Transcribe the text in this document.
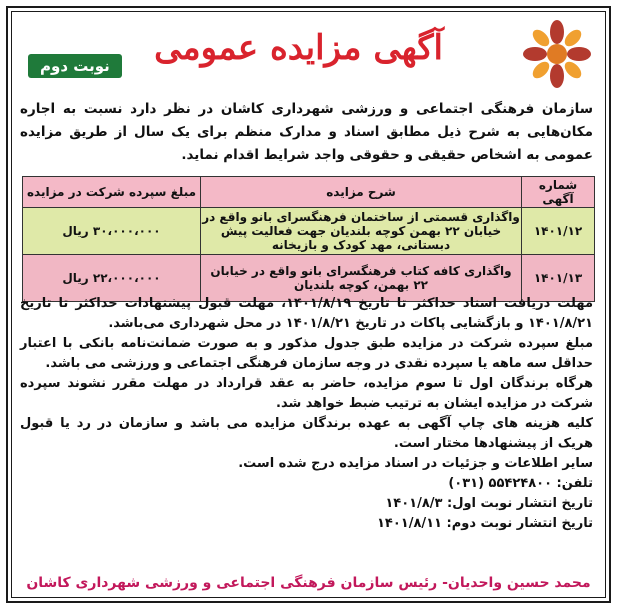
آگهی مزایده عمومی
نوبت دوم
سازمان فرهنگی اجتماعی و ورزشی شهرداری کاشان در نظر دارد نسبت به اجاره مکان‌هایی به شرح ذیل مطابق اسناد و مدارک منظم برای یک سال از طریق مزایده عمومی به اشخاص حقیقی و حقوقی واجد شرایط اقدام نماید.
شماره آگهی	شرح مزایده	مبلغ سپرده شرکت در مزایده
۱۴۰۱/۱۲	واگذاری قسمتی از ساختمان فرهنگسرای بانو واقع در خیابان ۲۲ بهمن کوچه بلندیان جهت فعالیت پیش دبستانی، مهد کودک و بازیخانه	۳۰،۰۰۰،۰۰۰ ریال
۱۴۰۱/۱۳	واگذاری کافه کتاب فرهنگسرای بانو واقع در خیابان ۲۲ بهمن، کوچه بلندیان	۲۲،۰۰۰،۰۰۰ ریال

مهلت دریافت اسناد حداکثر تا تاریخ ۱۴۰۱/۸/۱۹، مهلت قبول پیشنهادات حداکثر تا تاریخ ۱۴۰۱/۸/۲۱ و بازگشایی پاکات در تاریخ ۱۴۰۱/۸/۲۱ در محل شهرداری می‌باشد.

مبلغ سپرده شرکت در مزایده طبق جدول مذکور و به صورت ضمانت‌نامه بانکی با اعتبار حداقل سه ماهه یا سپرده نقدی در وجه سازمان فرهنگی اجتماعی و ورزشی می باشد.

هرگاه برندگان اول تا سوم مزایده، حاضر به عقد قرارداد در مهلت مقرر نشوند سپرده شرکت در مزایده ایشان به ترتیب ضبط خواهد شد.

کلیه هزینه های چاپ آگهی به عهده برندگان مزایده می باشد و سازمان در رد یا قبول هریک از پیشنهادها مختار است.

سایر اطلاعات و جزئیات در اسناد مزایده درج شده است.

تلفن: ۵۵۴۲۴۸۰۰ (۰۳۱)

تاریخ انتشار نوبت اول: ۱۴۰۱/۸/۳

تاریخ انتشار نوبت دوم: ۱۴۰۱/۸/۱۱

محمد حسین واحدیان- رئیس سازمان فرهنگی اجتماعی و ورزشی شهرداری کاشان
